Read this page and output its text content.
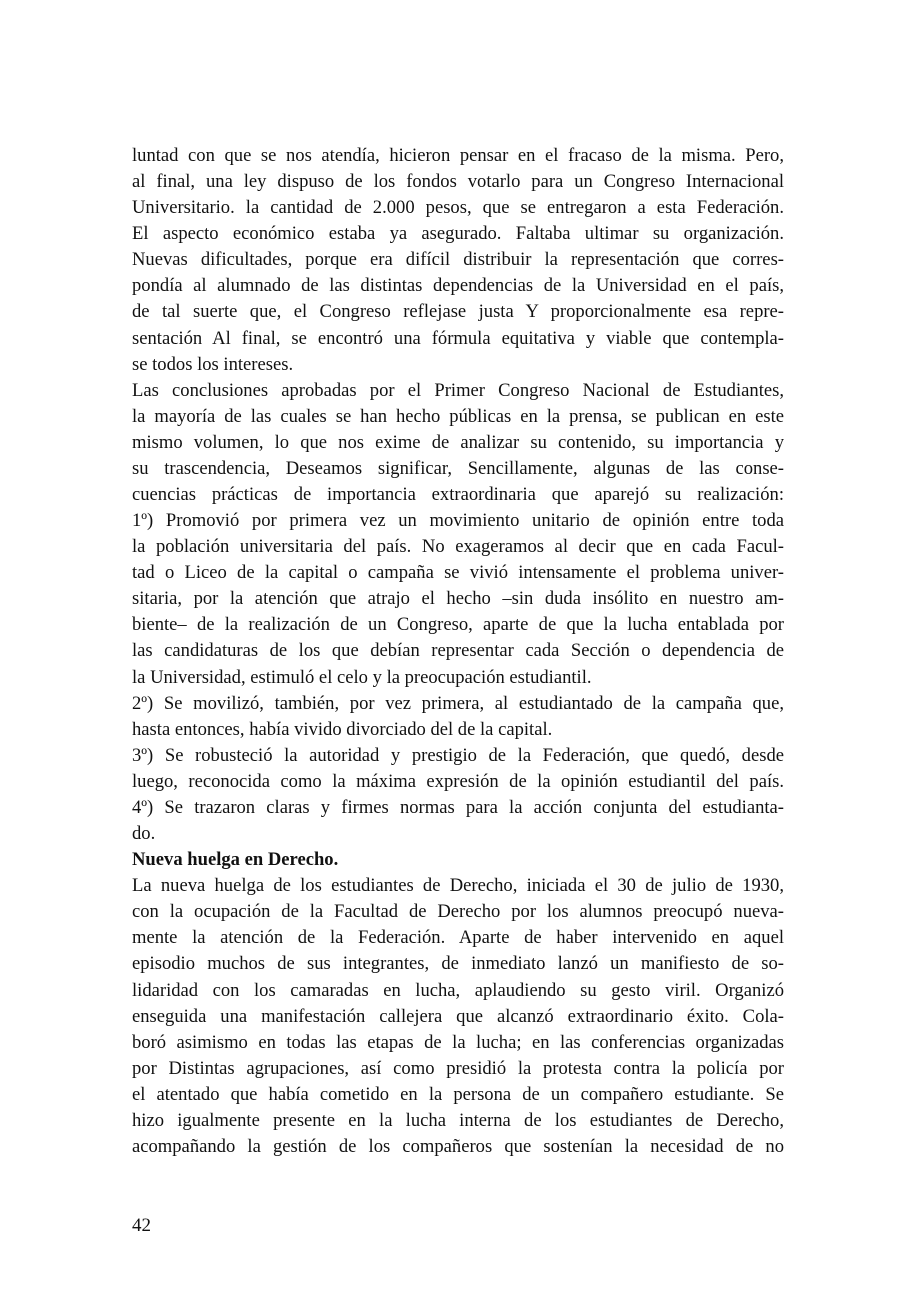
luntad con que se nos atendía, hicieron pensar en el fracaso de la misma. Pero,
al final, una ley dispuso de los fondos votarlo para un Congreso Internacional
Universitario. la cantidad de 2.000 pesos, que se entregaron a esta Federación.
El aspecto económico estaba ya asegurado. Faltaba ultimar su organización.
Nuevas dificultades, porque era difícil distribuir la representación que corres-
pondía al alumnado de las distintas dependencias de la Universidad en el país,
de tal suerte que, el Congreso reflejase justa Y proporcionalmente esa repre-
sentación Al final, se encontró una fórmula equitativa y viable que contempla-
se todos los intereses.
Las conclusiones aprobadas por el Primer Congreso Nacional de Estudiantes,
la mayoría de las cuales se han hecho públicas en la prensa, se publican en este
mismo volumen, lo que nos exime de analizar su contenido, su importancia y
su trascendencia, Deseamos significar, Sencillamente, algunas de las conse-
cuencias prácticas de importancia extraordinaria que aparejó su realización:
1º) Promovió por primera vez un movimiento unitario de opinión entre toda
la población universitaria del país. No exageramos al decir que en cada Facul-
tad o Liceo de la capital o campaña se vivió intensamente el problema univer-
sitaria, por la atención que atrajo el hecho –sin duda insólito en nuestro am-
biente– de la realización de un Congreso, aparte de que la lucha entablada por
las candidaturas de los que debían representar cada Sección o dependencia de
la Universidad, estimuló el celo y la preocupación estudiantil.
2º) Se movilizó, también, por vez primera, al estudiantado de la campaña que,
hasta entonces, había vivido divorciado del de la capital.
3º) Se robusteció la autoridad y prestigio de la Federación, que quedó, desde
luego, reconocida como la máxima expresión de la opinión estudiantil del país.
4º) Se trazaron claras y firmes normas para la acción conjunta del estudianta-
do.
Nueva huelga en Derecho.
La nueva huelga de los estudiantes de Derecho, iniciada el 30 de julio de 1930,
con la ocupación de la Facultad de Derecho por los alumnos preocupó nueva-
mente la atención de la Federación. Aparte de haber intervenido en aquel
episodio muchos de sus integrantes, de inmediato lanzó un manifiesto de so-
lidaridad con los camaradas en lucha, aplaudiendo su gesto viril. Organizó
enseguida una manifestación callejera que alcanzó extraordinario éxito. Cola-
boró asimismo en todas las etapas de la lucha; en las conferencias organizadas
por Distintas agrupaciones, así como presidió la protesta contra la policía por
el atentado que había cometido en la persona de un compañero estudiante. Se
hizo igualmente presente en la lucha interna de los estudiantes de Derecho,
acompañando la gestión de los compañeros que sostenían la necesidad de no
42
